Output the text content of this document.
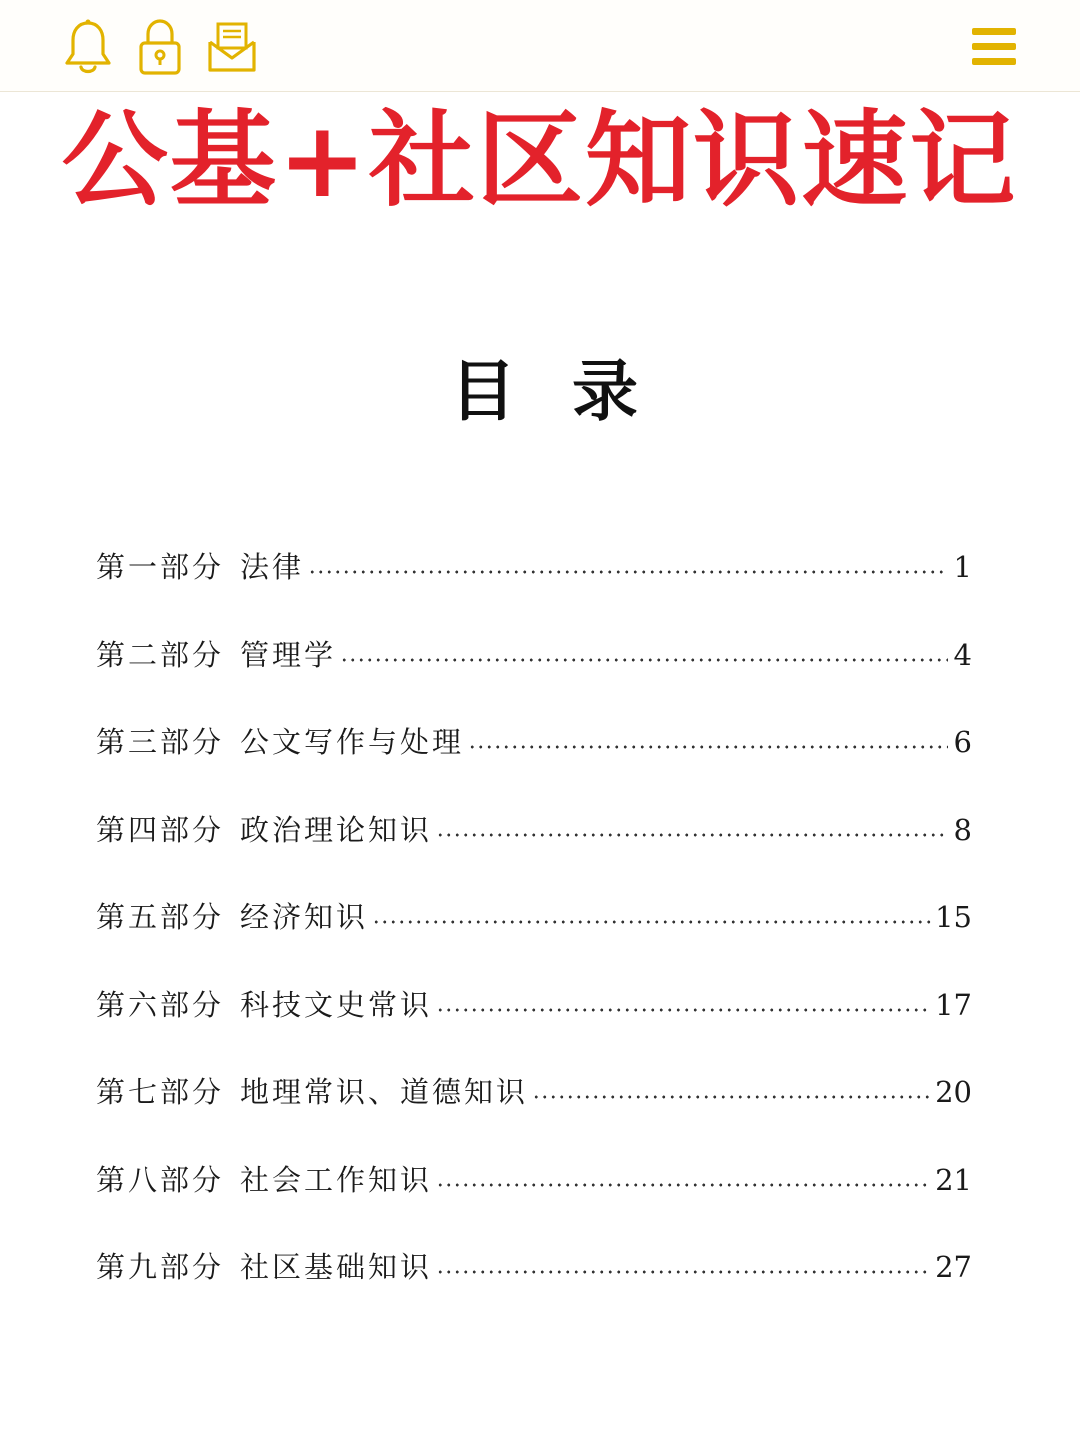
公基+社区知识速记
目录
第一部分 法律	1
第二部分 管理学	4
第三部分 公文写作与处理	6
第四部分 政治理论知识	8
第五部分 经济知识	15
第六部分 科技文史常识	17
第七部分 地理常识、道德知识	20
第八部分 社会工作知识	21
第九部分 社区基础知识	27
